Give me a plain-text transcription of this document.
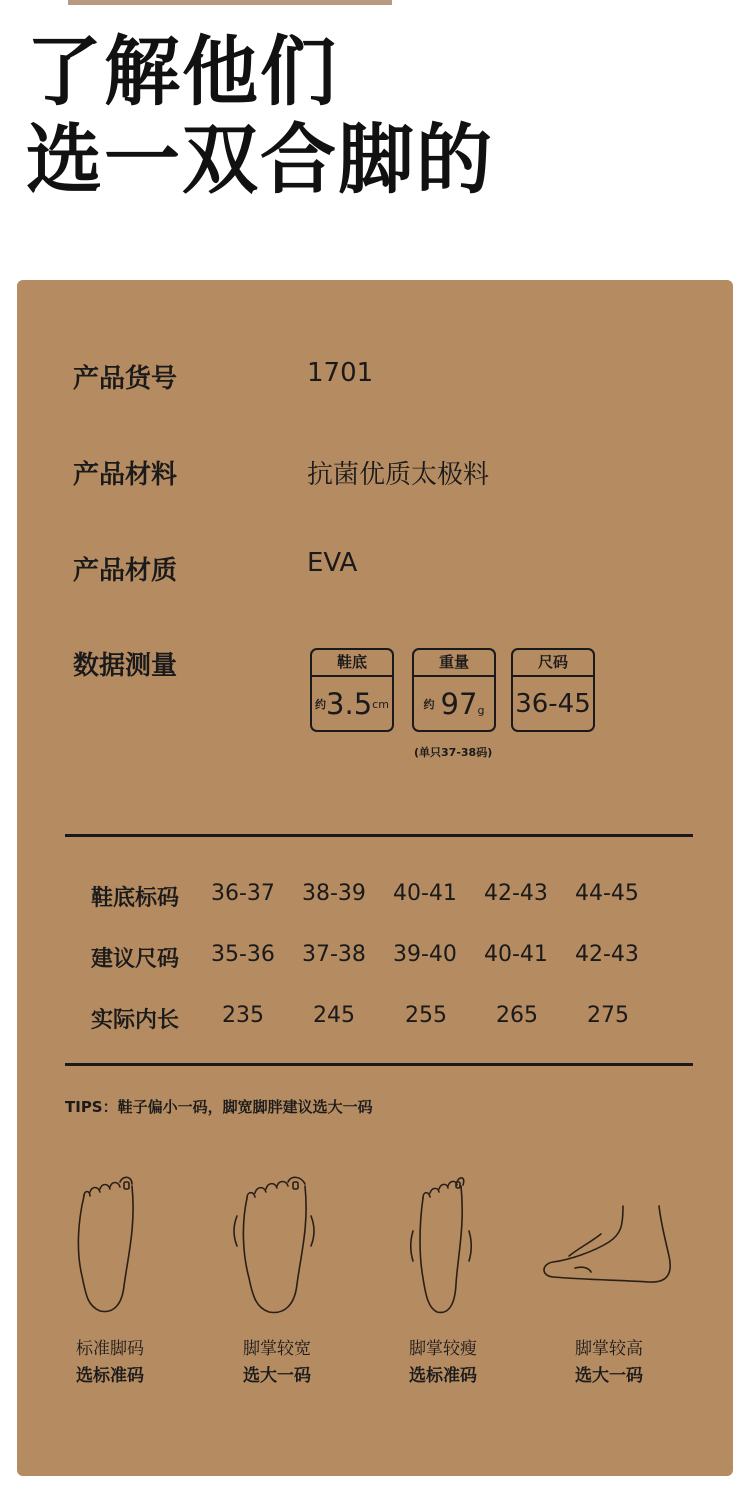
了解他们
选一双合脚的
产品货号	1701
产品材料	抗菌优质太极料
产品材质	EVA
数据测量	鞋底
约 3.5 cm
重量
约 97 g
尺码
36-45
(单只37-38码)
鞋底标码 36-37 38-39 40-41 42-43 44-45
建议尺码 35-36 37-38 39-40 40-41 42-43
实际内长 235 245 255 265 275
TIPS：鞋子偏小一码，脚宽脚胖建议选大一码
标准脚码
选标准码
脚掌较宽
选大一码
脚掌较瘦
选标准码
脚掌较高
选大一码
